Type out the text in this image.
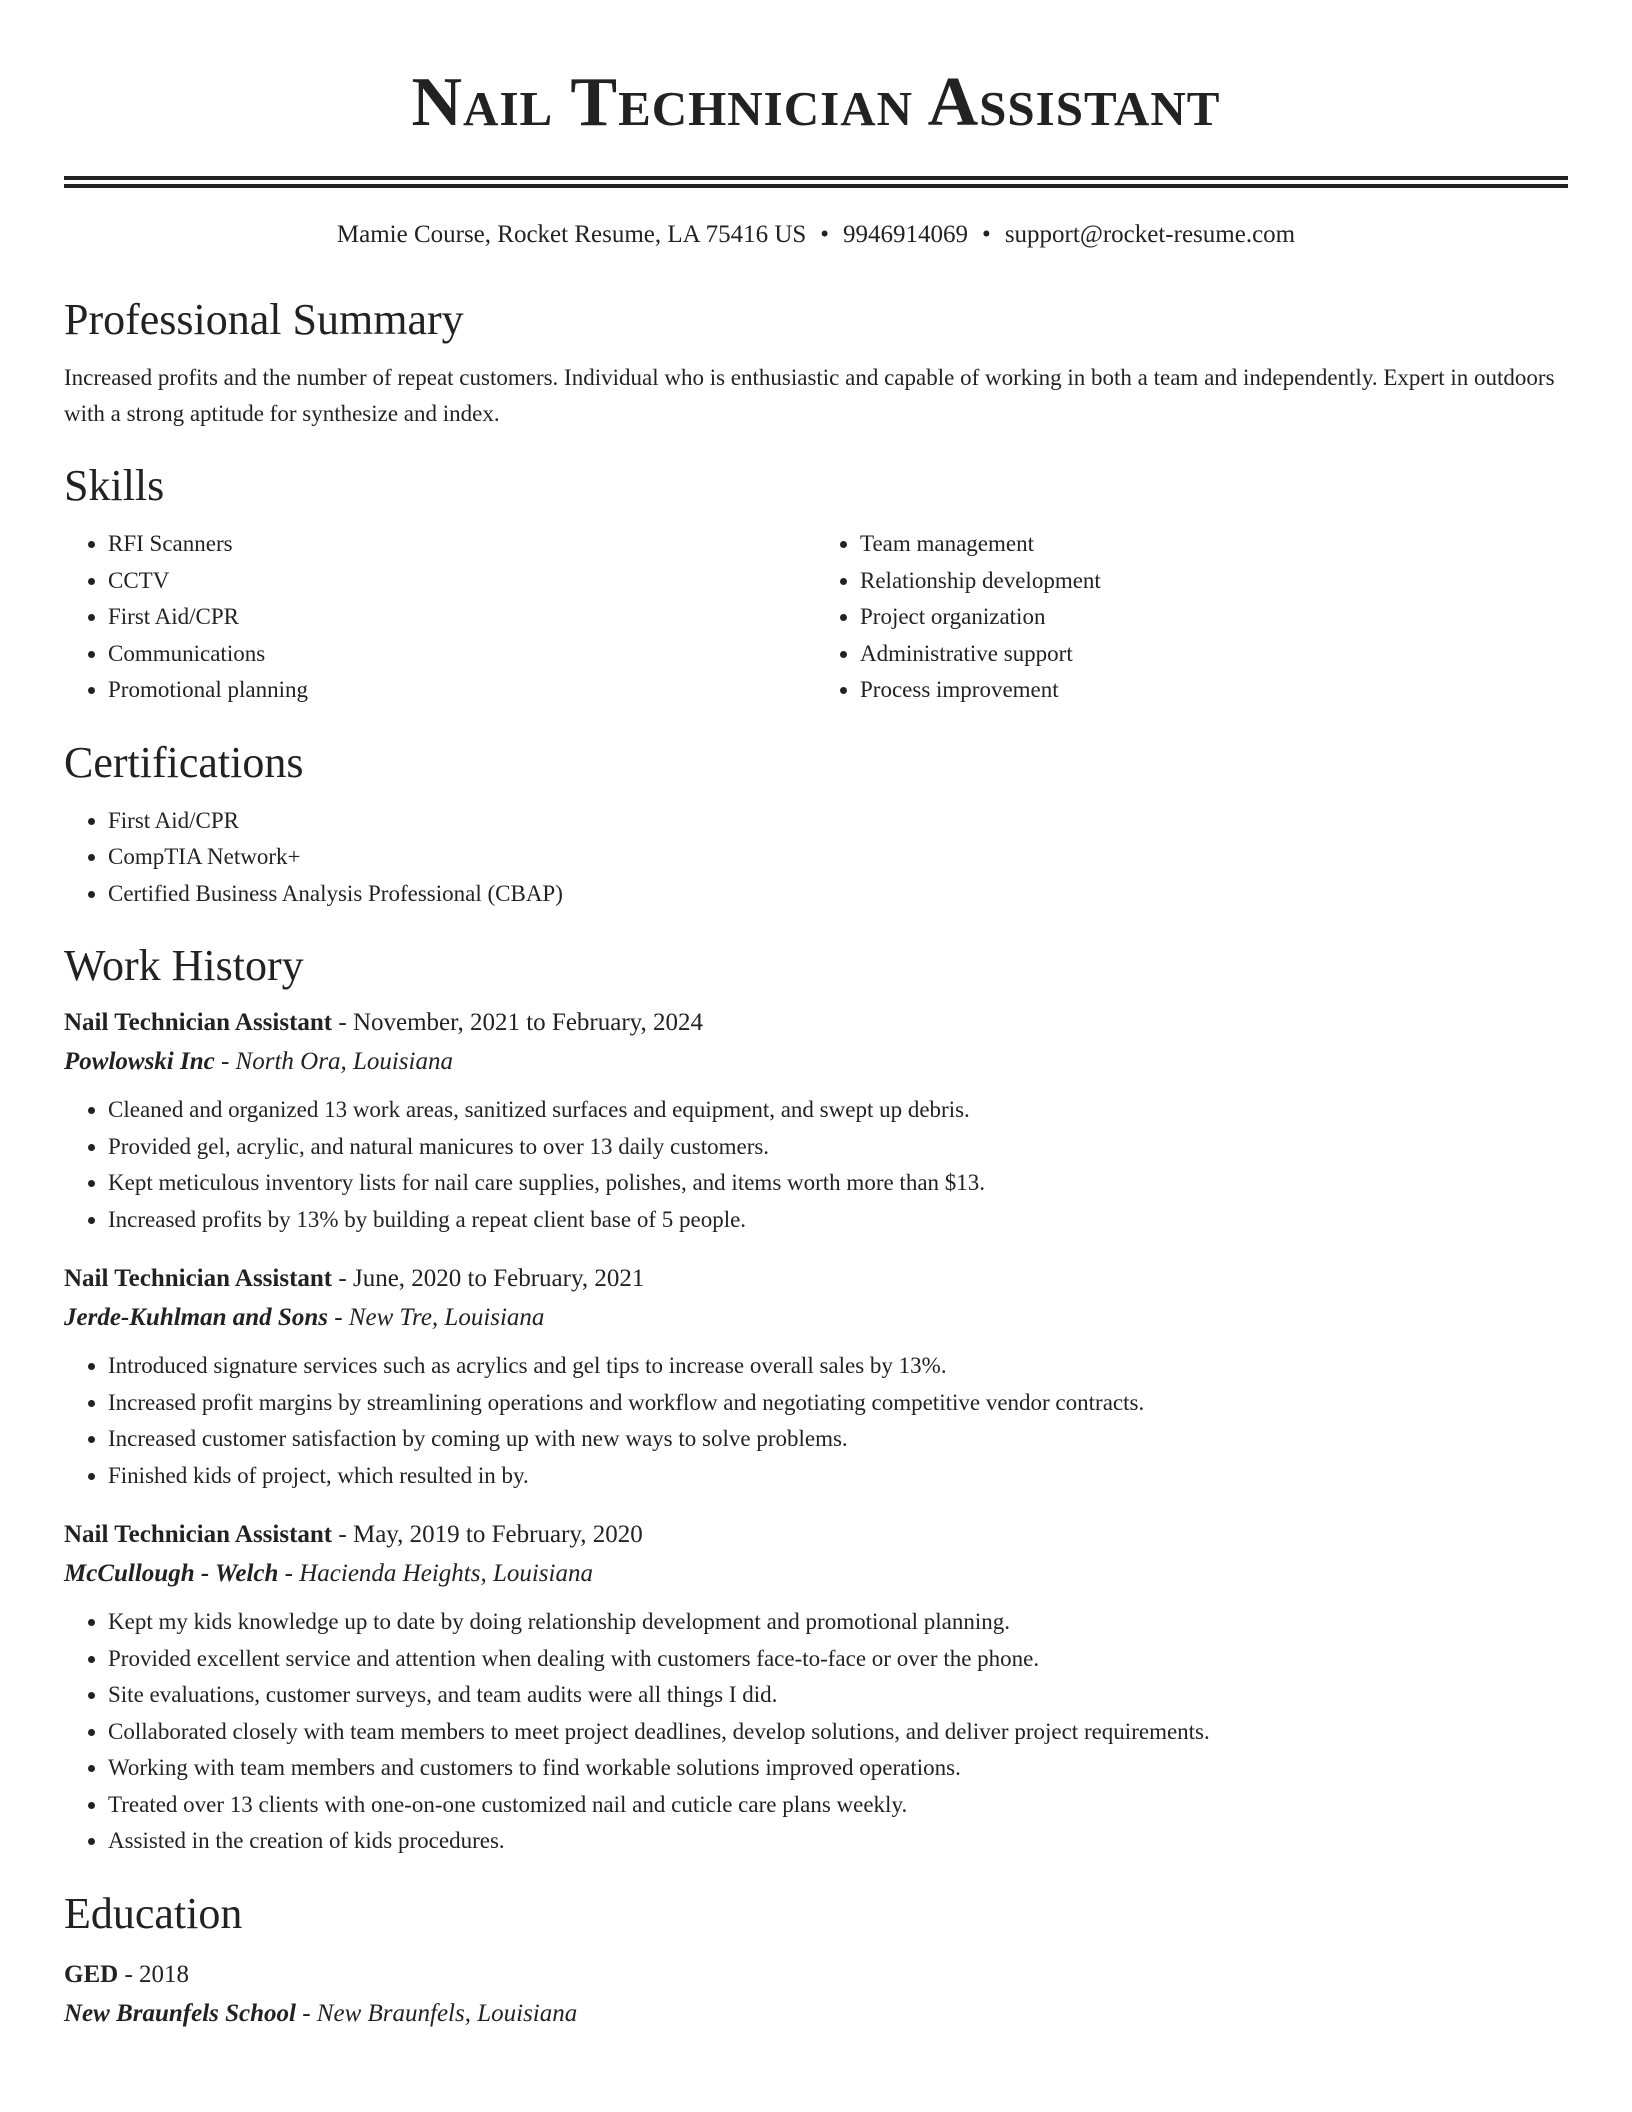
Nail Technician Assistant
Mamie Course, Rocket Resume, LA 75416 US • 9946914069 • support@rocket-resume.com
Professional Summary
Increased profits and the number of repeat customers. Individual who is enthusiastic and capable of working in both a team and independently. Expert in outdoors with a strong aptitude for synthesize and index.
Skills
• RFI Scanners
• CCTV
• First Aid/CPR
• Communications
• Promotional planning
• Team management
• Relationship development
• Project organization
• Administrative support
• Process improvement
Certifications
• First Aid/CPR
• CompTIA Network+
• Certified Business Analysis Professional (CBAP)
Work History
Nail Technician Assistant - November, 2021 to February, 2024
Powlowski Inc - North Ora, Louisiana
• Cleaned and organized 13 work areas, sanitized surfaces and equipment, and swept up debris.
• Provided gel, acrylic, and natural manicures to over 13 daily customers.
• Kept meticulous inventory lists for nail care supplies, polishes, and items worth more than $13.
• Increased profits by 13% by building a repeat client base of 5 people.
Nail Technician Assistant - June, 2020 to February, 2021
Jerde-Kuhlman and Sons - New Tre, Louisiana
• Introduced signature services such as acrylics and gel tips to increase overall sales by 13%.
• Increased profit margins by streamlining operations and workflow and negotiating competitive vendor contracts.
• Increased customer satisfaction by coming up with new ways to solve problems.
• Finished kids of project, which resulted in by.
Nail Technician Assistant - May, 2019 to February, 2020
McCullough - Welch - Hacienda Heights, Louisiana
• Kept my kids knowledge up to date by doing relationship development and promotional planning.
• Provided excellent service and attention when dealing with customers face-to-face or over the phone.
• Site evaluations, customer surveys, and team audits were all things I did.
• Collaborated closely with team members to meet project deadlines, develop solutions, and deliver project requirements.
• Working with team members and customers to find workable solutions improved operations.
• Treated over 13 clients with one-on-one customized nail and cuticle care plans weekly.
• Assisted in the creation of kids procedures.
Education
GED - 2018
New Braunfels School - New Braunfels, Louisiana
